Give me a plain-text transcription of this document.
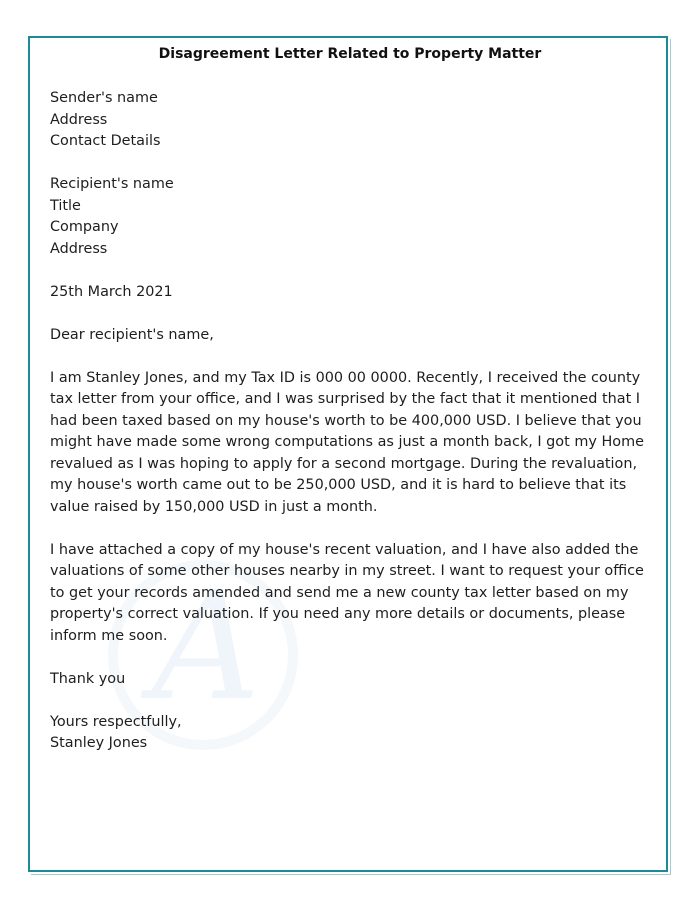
A
Disagreement Letter Related to Property Matter
Sender's name
Address
Contact Details
Recipient's name
Title
Company
Address
25th March 2021
Dear recipient's name,
I am Stanley Jones, and my Tax ID is 000 00 0000. Recently, I received the county
tax letter from your office, and I was surprised by the fact that it mentioned that I
had been taxed based on my house's worth to be 400,000 USD. I believe that you
might have made some wrong computations as just a month back, I got my Home
revalued as I was hoping to apply for a second mortgage. During the revaluation,
my house's worth came out to be 250,000 USD, and it is hard to believe that its
value raised by 150,000 USD in just a month.
I have attached a copy of my house's recent valuation, and I have also added the
valuations of some other houses nearby in my street. I want to request your office
to get your records amended and send me a new county tax letter based on my
property's correct valuation. If you need any more details or documents, please
inform me soon.
Thank you
Yours respectfully,
Stanley Jones
